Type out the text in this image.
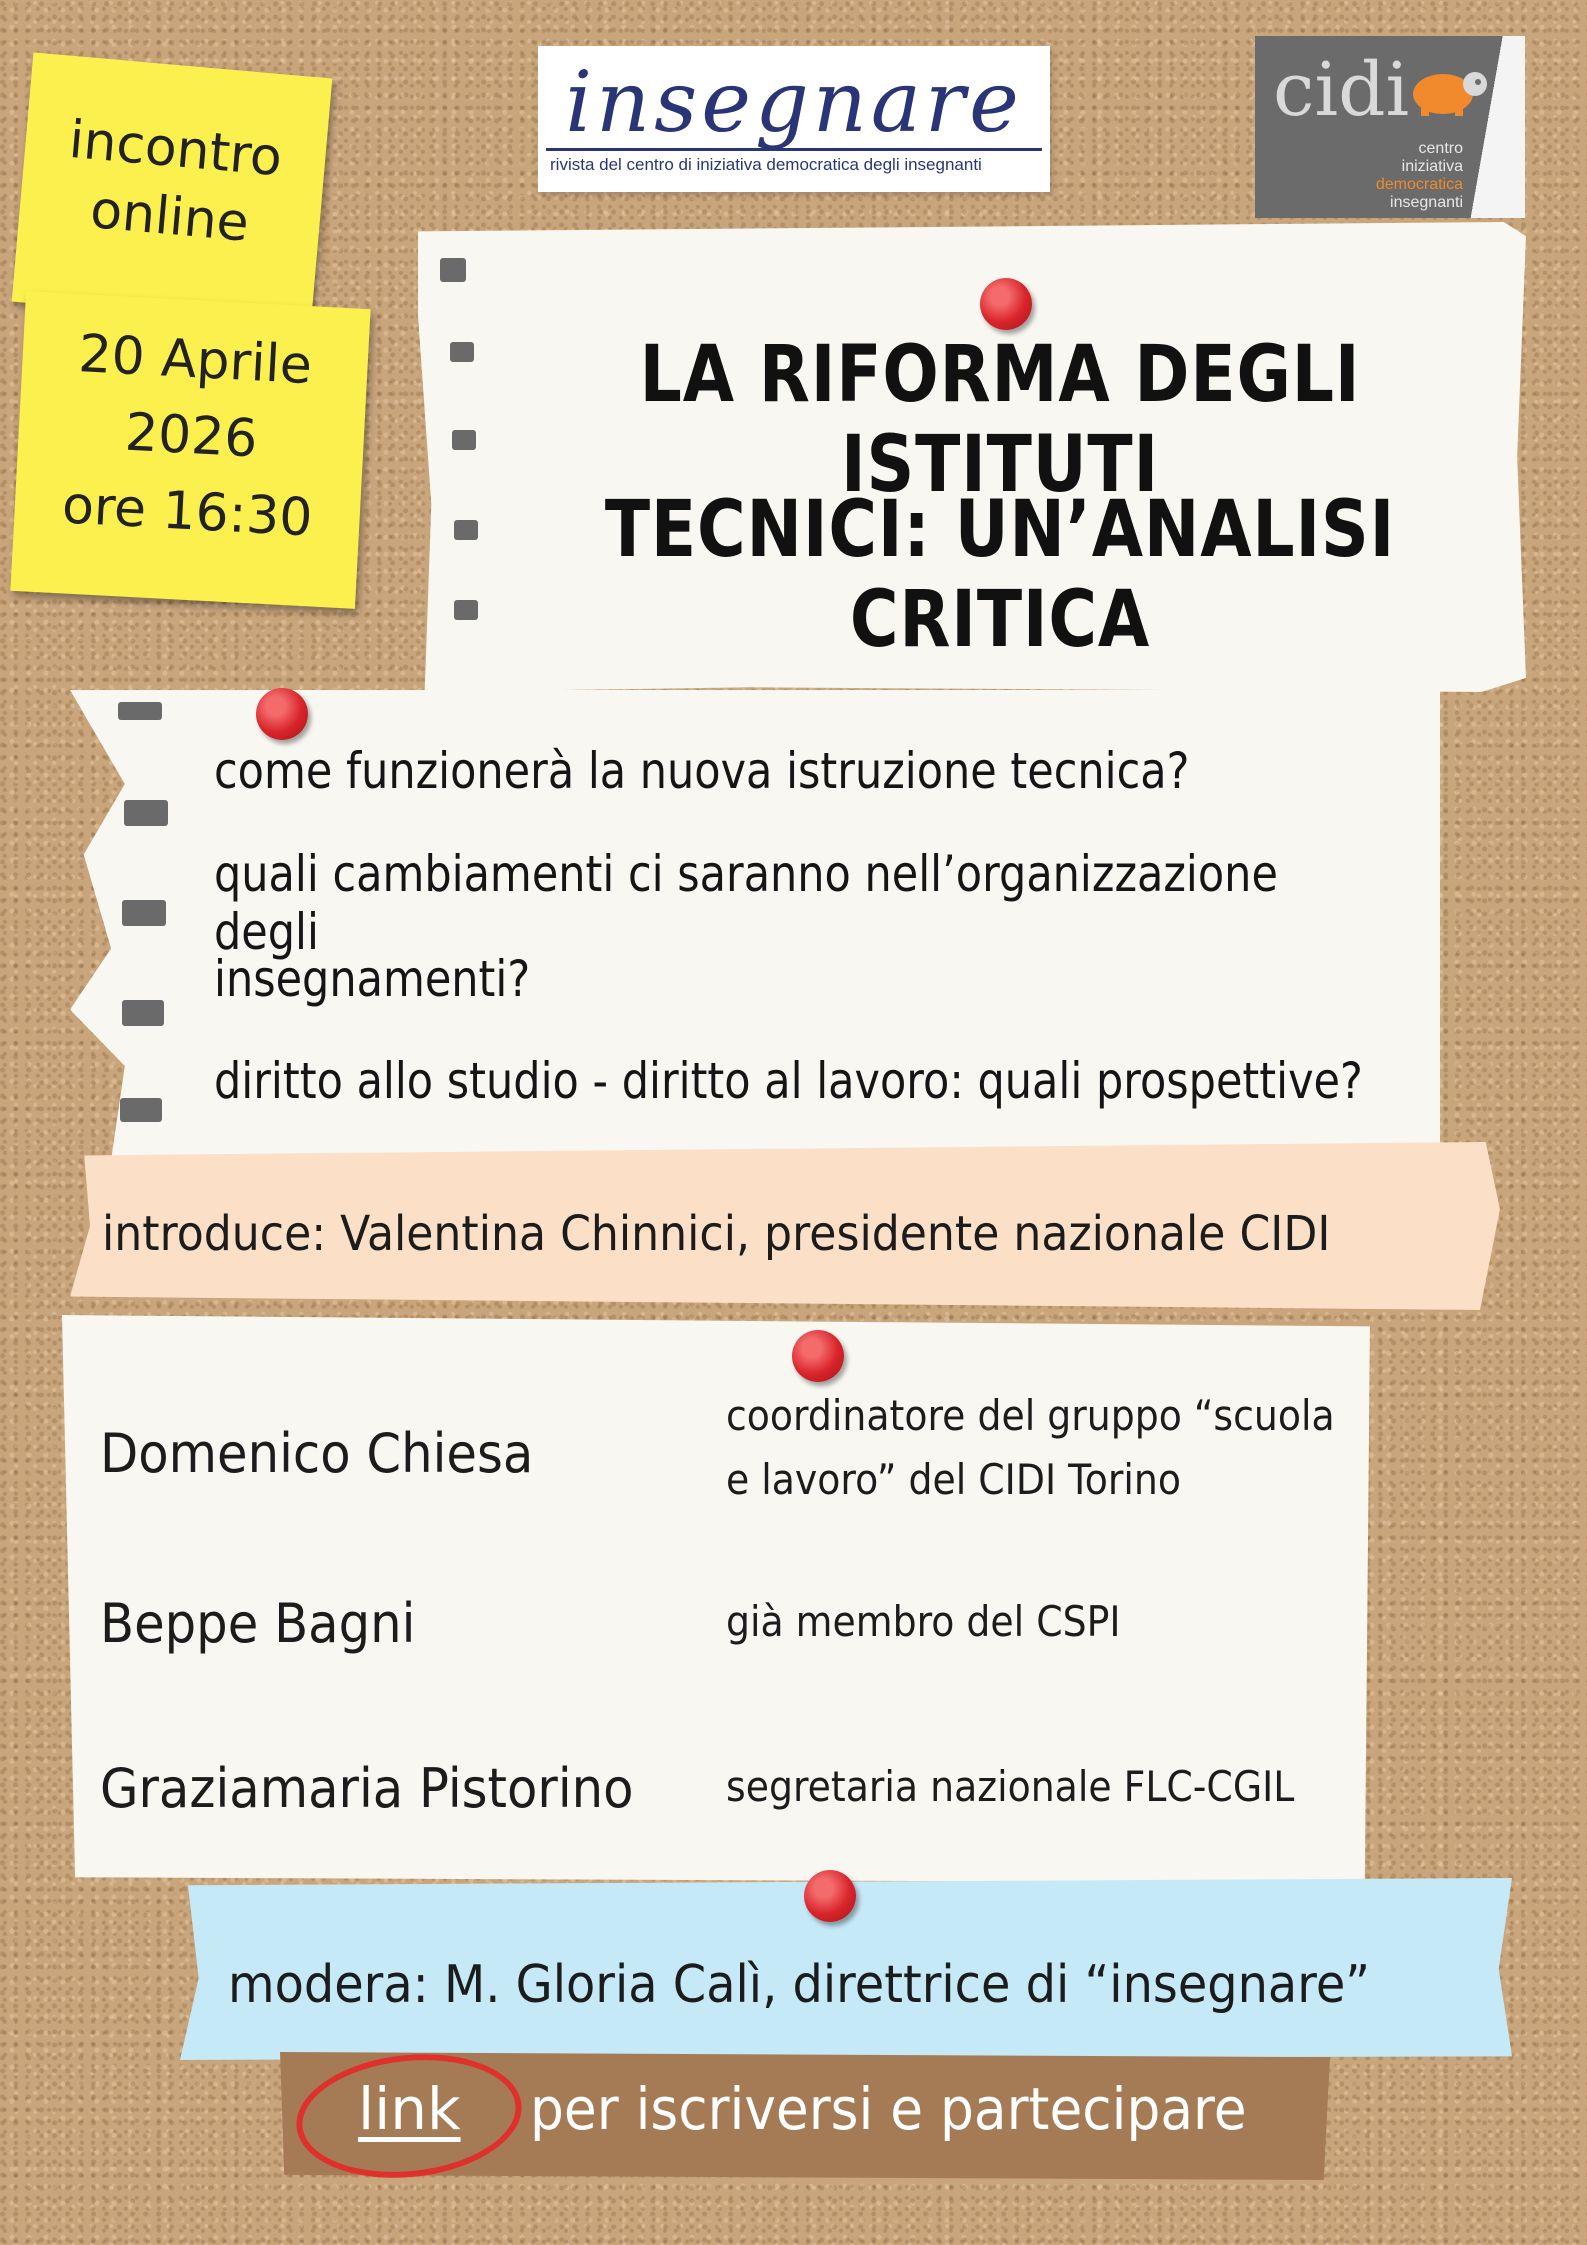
incontro
online
20 Aprile
2026
ore 16:30
insegnare
rivista del centro di iniziativa democratica degli insegnanti
cidi
centro
iniziativa
democratica
insegnanti
LA RIFORMA DEGLI ISTITUTI
TECNICI: UN’ANALISI CRITICA
come funzionerà la nuova istruzione tecnica?
quali cambiamenti ci saranno nell’organizzazione degli
insegnamenti?
diritto allo studio - diritto al lavoro: quali prospettive?
introduce: Valentina Chinnici, presidente nazionale CIDI
Domenico Chiesa
coordinatore del gruppo “scuola
e lavoro” del CIDI Torino
Beppe Bagni	già membro del CSPI
Graziamaria Pistorino segretaria nazionale FLC-CGIL
modera: M. Gloria Calì, direttrice di “insegnare”
link per iscriversi e partecipare
